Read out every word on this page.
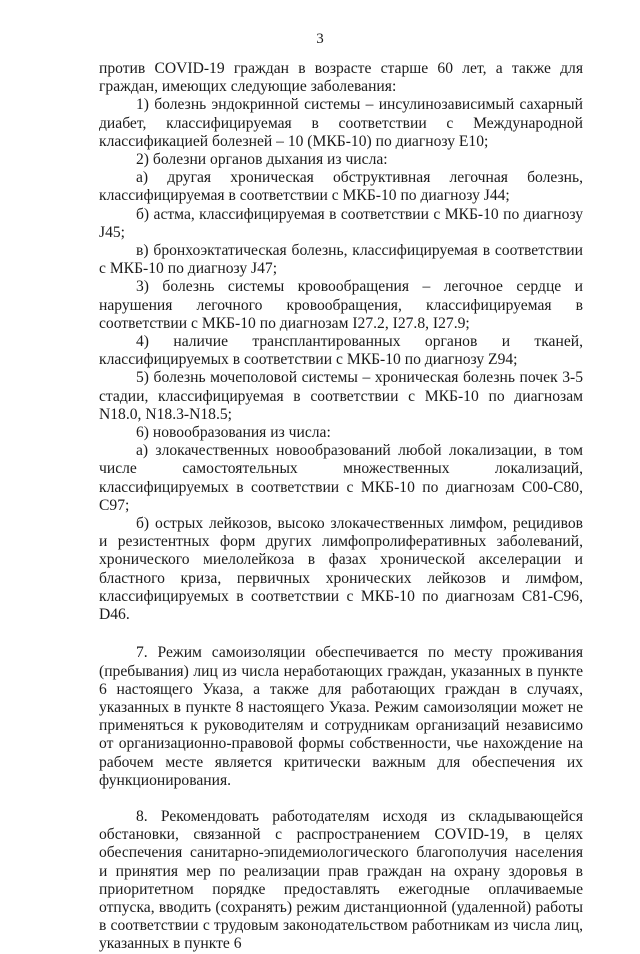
3

против COVID-19 граждан в возрасте старше 60 лет, а также для граждан, имеющих следующие заболевания:

1) болезнь эндокринной системы – инсулинозависимый сахарный диабет, классифицируемая в соответствии с Международной классификацией болезней – 10 (МКБ-10) по диагнозу E10;

2) болезни органов дыхания из числа:

а) другая хроническая обструктивная легочная болезнь, классифицируемая в соответствии с МКБ-10 по диагнозу J44;

б) астма, классифицируемая в соответствии с МКБ-10 по диагнозу J45;

в) бронхоэктатическая болезнь, классифицируемая в соответствии с МКБ-10 по диагнозу J47;

3) болезнь системы кровообращения – легочное сердце и нарушения легочного кровообращения, классифицируемая в соответствии с МКБ-10 по диагнозам I27.2, I27.8, I27.9;

4) наличие трансплантированных органов и тканей, классифицируемых в соответствии с МКБ-10 по диагнозу Z94;

5) болезнь мочеполовой системы – хроническая болезнь почек 3-5 стадии, классифицируемая в соответствии с МКБ-10 по диагнозам N18.0, N18.3-N18.5;

6) новообразования из числа:

а) злокачественных новообразований любой локализации, в том числе самостоятельных множественных локализаций, классифицируемых в соответствии с МКБ-10 по диагнозам C00-C80, C97;

б) острых лейкозов, высоко злокачественных лимфом, рецидивов и резистентных форм других лимфопролиферативных заболеваний, хронического миелолейкоза в фазах хронической акселерации и бластного криза, первичных хронических лейкозов и лимфом, классифицируемых в соответствии с МКБ-10 по диагнозам C81-C96, D46.

7. Режим самоизоляции обеспечивается по месту проживания (пребывания) лиц из числа неработающих граждан, указанных в пункте 6 настоящего Указа, а также для работающих граждан в случаях, указанных в пункте 8 настоящего Указа. Режим самоизоляции может не применяться к руководителям и сотрудникам организаций независимо от организационно-правовой формы собственности, чье нахождение на рабочем месте является критически важным для обеспечения их функционирования.

8. Рекомендовать работодателям исходя из складывающейся обстановки, связанной с распространением COVID-19, в целях обеспечения санитарно-эпидемиологического благополучия населения и принятия мер по реализации прав граждан на охрану здоровья в приоритетном порядке предоставлять ежегодные оплачиваемые отпуска, вводить (сохранять) режим дистанционной (удаленной) работы в соответствии с трудовым законодательством работникам из числа лиц, указанных в пункте 6
